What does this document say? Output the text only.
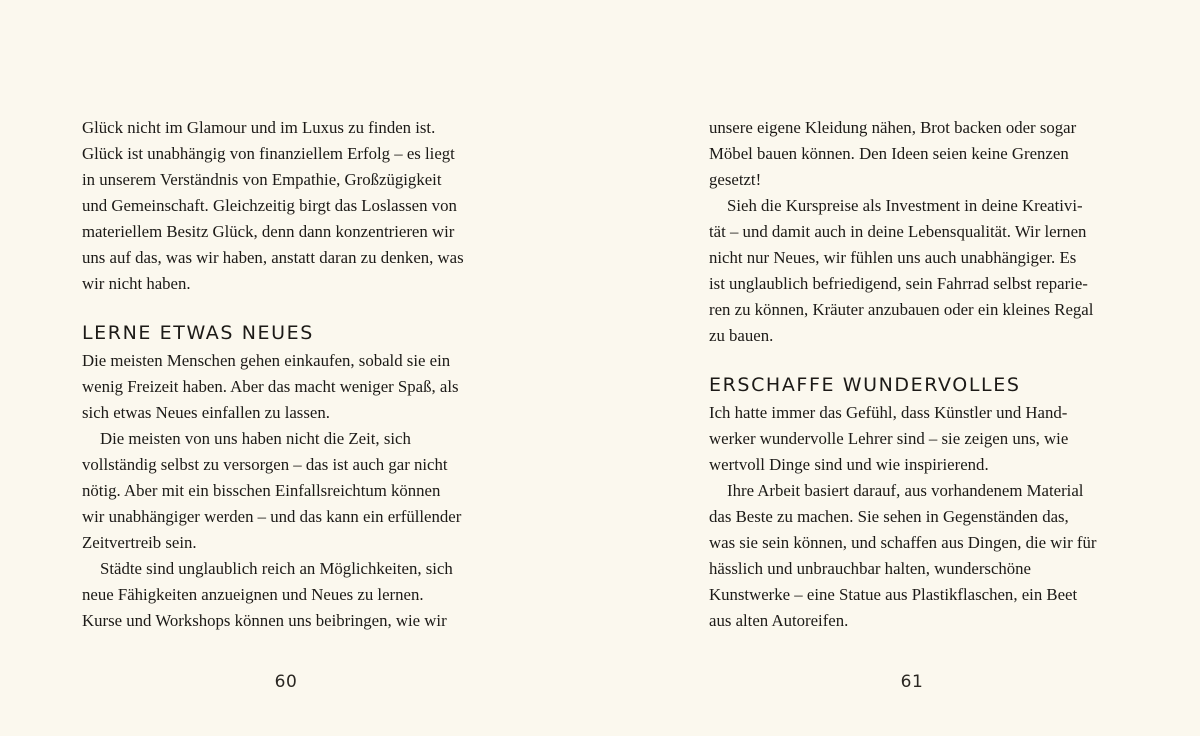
Glück nicht im Glamour und im Luxus zu finden ist.
Glück ist unabhängig von finanziellem Erfolg – es liegt
in unserem Verständnis von Empathie, Großzügigkeit
und Gemeinschaft. Gleichzeitig birgt das Loslassen von
materiellem Besitz Glück, denn dann konzentrieren wir
uns auf das, was wir haben, anstatt daran zu denken, was
wir nicht haben.
LERNE ETWAS NEUES
Die meisten Menschen gehen einkaufen, sobald sie ein
wenig Freizeit haben. Aber das macht weniger Spaß, als
sich etwas Neues einfallen zu lassen.
Die meisten von uns haben nicht die Zeit, sich
vollständig selbst zu versorgen – das ist auch gar nicht
nötig. Aber mit ein bisschen Einfallsreichtum können
wir unabhängiger werden – und das kann ein erfüllender
Zeitvertreib sein.
Städte sind unglaublich reich an Möglichkeiten, sich
neue Fähigkeiten anzueignen und Neues zu lernen.
Kurse und Workshops können uns beibringen, wie wir
60
unsere eigene Kleidung nähen, Brot backen oder sogar
Möbel bauen können. Den Ideen seien keine Grenzen
gesetzt!
Sieh die Kurspreise als Investment in deine Kreativi-
tät – und damit auch in deine Lebensqualität. Wir lernen
nicht nur Neues, wir fühlen uns auch unabhängiger. Es
ist unglaublich befriedigend, sein Fahrrad selbst reparie-
ren zu können, Kräuter anzubauen oder ein kleines Regal
zu bauen.
ERSCHAFFE WUNDERVOLLES
Ich hatte immer das Gefühl, dass Künstler und Hand-
werker wundervolle Lehrer sind – sie zeigen uns, wie
wertvoll Dinge sind und wie inspirierend.
Ihre Arbeit basiert darauf, aus vorhandenem Material
das Beste zu machen. Sie sehen in Gegenständen das,
was sie sein können, und schaffen aus Dingen, die wir für
hässlich und unbrauchbar halten, wunderschöne
Kunstwerke – eine Statue aus Plastikflaschen, ein Beet
aus alten Autoreifen.
61
